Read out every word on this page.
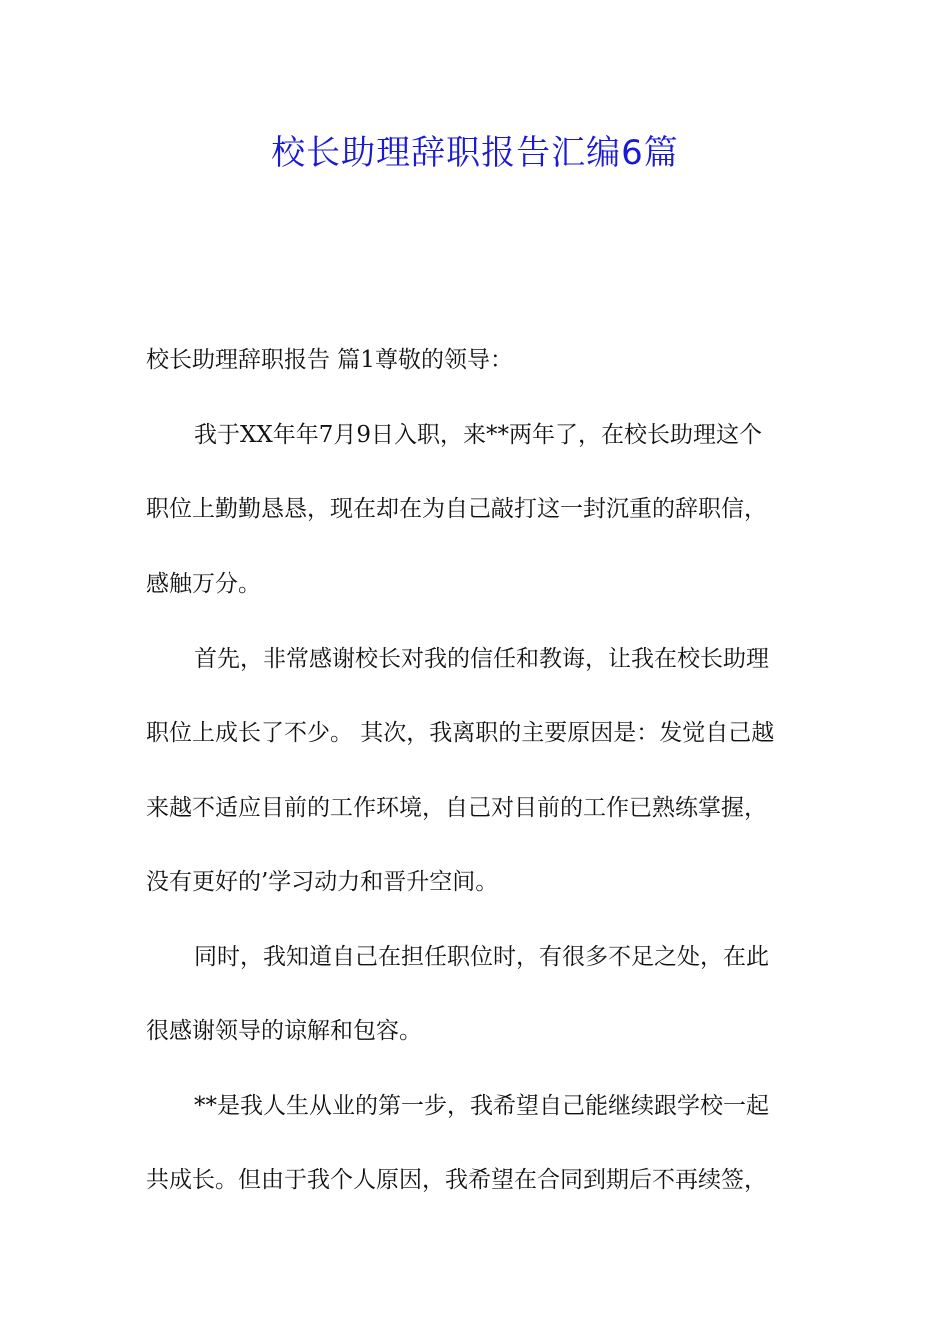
校长助理辞职报告汇编6篇
校长助理辞职报告 篇1尊敬的领导：
我于XX年年7月9日入职，来**两年了，在校长助理这个
职位上勤勤恳恳，现在却在为自己敲打这一封沉重的辞职信，
感触万分。
首先，非常感谢校长对我的信任和教诲，让我在校长助理
职位上成长了不少。 其次，我离职的主要原因是：发觉自己越
来越不适应目前的工作环境，自己对目前的工作已熟练掌握，
没有更好的’学习动力和晋升空间。
同时，我知道自己在担任职位时，有很多不足之处，在此
很感谢领导的谅解和包容。
**是我人生从业的第一步，我希望自己能继续跟学校一起
共成长。但由于我个人原因，我希望在合同到期后不再续签，
